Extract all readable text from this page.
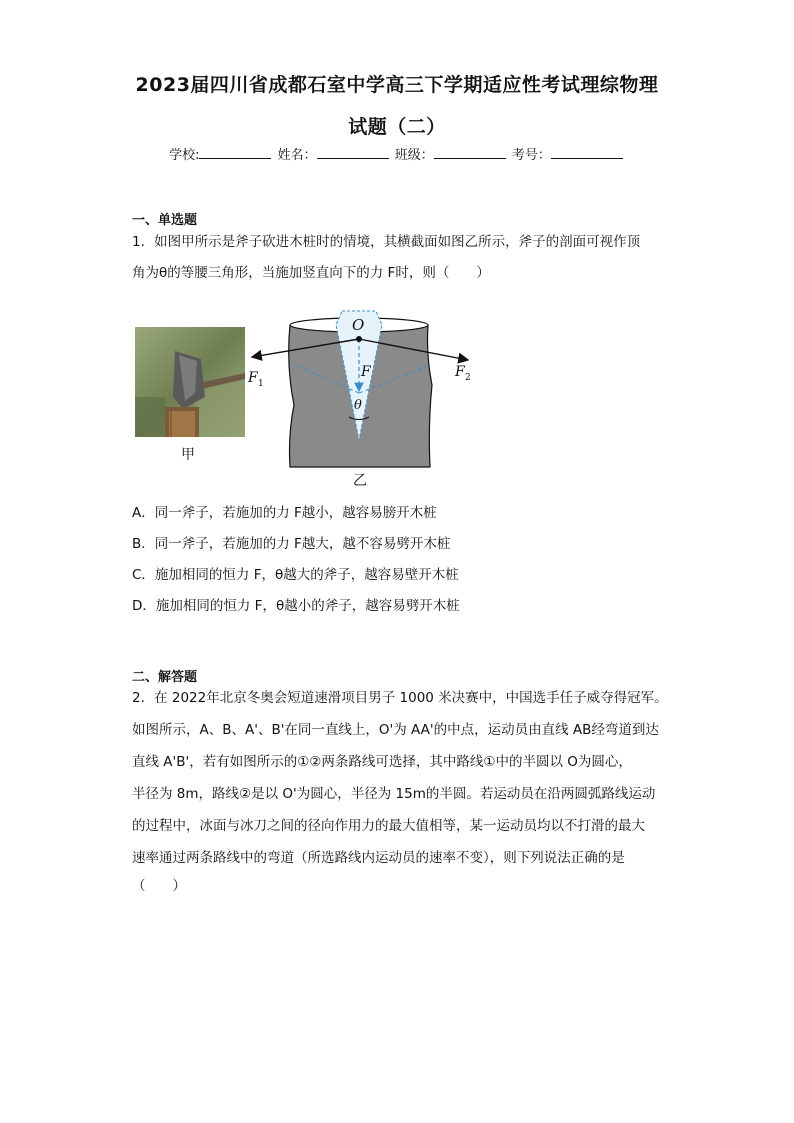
2023届四川省成都石室中学高三下学期适应性考试理综物理
试题（二）
学校:	姓名：	班级：	考号：
一、单选题
1．如图甲所示是斧子砍进木桩时的情境，其横截面如图乙所示，斧子的剖面可视作顶
角为θ的等腰三角形，当施加竖直向下的力 F时，则（　　）
甲
O
F
F 1
F 2
θ
乙
A．同一斧子，若施加的力 F越小，越容易膀开木桩
B．同一斧子，若施加的力 F越大，越不容易劈开木桩
C．施加相同的恒力 F，θ越大的斧子，越容易壁开木桩
D．施加相同的恒力 F，θ越小的斧子，越容易劈开木桩
二、解答题
2．在 2022年北京冬奥会短道速滑项目男子 1000 米决赛中，中国选手任子威夺得冠军。
如图所示，A、B、A'、B'在同一直线上，O'为 AA'的中点，运动员由直线 AB经弯道到达
直线 A'B'，若有如图所示的①②两条路线可选择，其中路线①中的半圆以 O为圆心，
半径为 8m，路线②是以 O'为圆心，半径为 15m的半圆。若运动员在沿两圆弧路线运动
的过程中，冰面与冰刀之间的径向作用力的最大值相等，某一运动员均以不打滑的最大
速率通过两条路线中的弯道（所选路线内运动员的速率不变），则下列说法正确的是
（　　）
